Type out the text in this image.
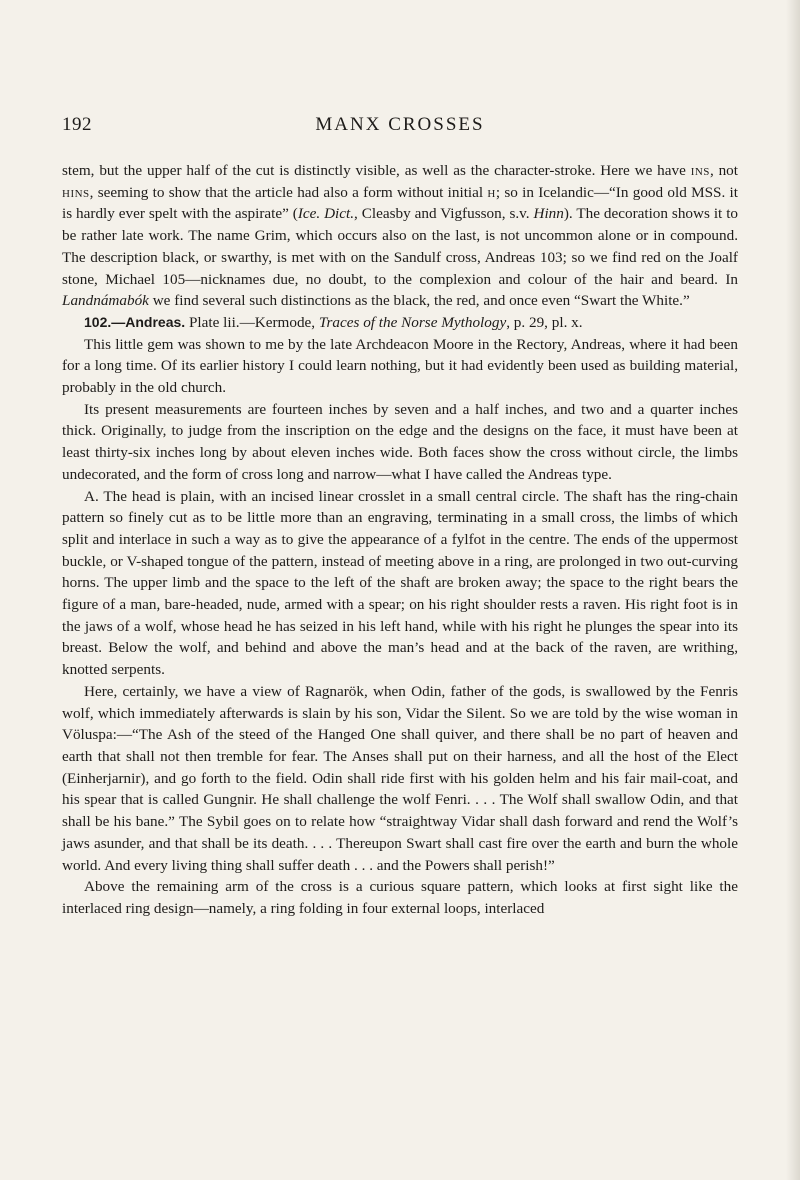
192	MANX CROSSES

stem, but the upper half of the cut is distinctly visible, as well as the character-stroke. Here we have ins, not hins, seeming to show that the article had also a form without initial h; so in Icelandic—“In good old MSS. it is hardly ever spelt with the aspirate” (Ice. Dict., Cleasby and Vigfusson, s.v. Hinn). The decoration shows it to be rather late work. The name Grim, which occurs also on the last, is not uncommon alone or in compound. The description black, or swarthy, is met with on the Sandulf cross, Andreas 103; so we find red on the Joalf stone, Michael 105—nicknames due, no doubt, to the complexion and colour of the hair and beard. In Landnámabók we find several such distinctions as the black, the red, and once even “Swart the White.”

102.—Andreas. Plate lii.—Kermode, Traces of the Norse Mythology, p. 29, pl. x.

This little gem was shown to me by the late Archdeacon Moore in the Rectory, Andreas, where it had been for a long time. Of its earlier history I could learn nothing, but it had evidently been used as building material, probably in the old church.

Its present measurements are fourteen inches by seven and a half inches, and two and a quarter inches thick. Originally, to judge from the inscription on the edge and the designs on the face, it must have been at least thirty-six inches long by about eleven inches wide. Both faces show the cross without circle, the limbs undecorated, and the form of cross long and narrow—what I have called the Andreas type.

A. The head is plain, with an incised linear crosslet in a small central circle. The shaft has the ring-chain pattern so finely cut as to be little more than an engraving, terminating in a small cross, the limbs of which split and interlace in such a way as to give the appearance of a fylfot in the centre. The ends of the uppermost buckle, or V-shaped tongue of the pattern, instead of meeting above in a ring, are prolonged in two out-curving horns. The upper limb and the space to the left of the shaft are broken away; the space to the right bears the figure of a man, bare-headed, nude, armed with a spear; on his right shoulder rests a raven. His right foot is in the jaws of a wolf, whose head he has seized in his left hand, while with his right he plunges the spear into its breast. Below the wolf, and behind and above the man’s head and at the back of the raven, are writhing, knotted serpents.

Here, certainly, we have a view of Ragnarök, when Odin, father of the gods, is swallowed by the Fenris wolf, which immediately afterwards is slain by his son, Vidar the Silent. So we are told by the wise woman in Völuspa:—“The Ash of the steed of the Hanged One shall quiver, and there shall be no part of heaven and earth that shall not then tremble for fear. The Anses shall put on their harness, and all the host of the Elect (Einherjarnir), and go forth to the field. Odin shall ride first with his golden helm and his fair mail-coat, and his spear that is called Gungnir. He shall challenge the wolf Fenri. . . . The Wolf shall swallow Odin, and that shall be his bane.” The Sybil goes on to relate how “straightway Vidar shall dash forward and rend the Wolf’s jaws asunder, and that shall be its death. . . . Thereupon Swart shall cast fire over the earth and burn the whole world. And every living thing shall suffer death . . . and the Powers shall perish!”

Above the remaining arm of the cross is a curious square pattern, which looks at first sight like the interlaced ring design—namely, a ring folding in four external loops, interlaced
